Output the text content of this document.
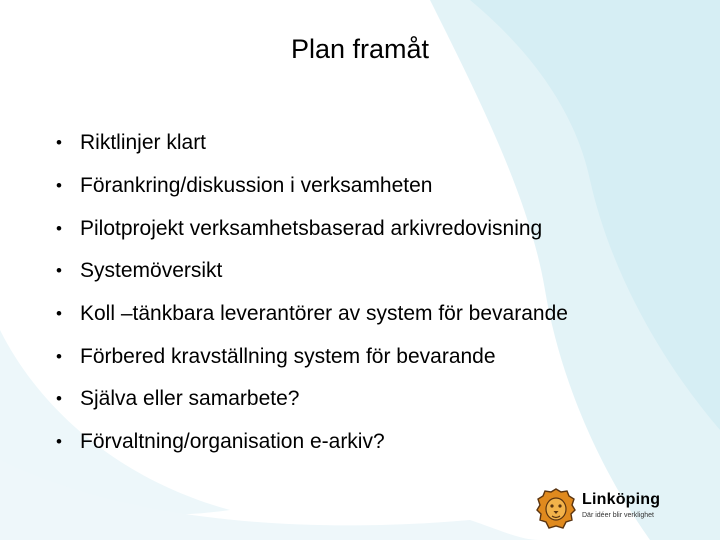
Plan framåt
• Riktlinjer klart
• Förankring/diskussion i verksamheten
• Pilotprojekt verksamhetsbaserad arkivredovisning
• Systemöversikt
• Koll –tänkbara leverantörer av system för bevarande
• Förbered kravställning system för bevarande
• Själva eller samarbete?
• Förvaltning/organisation e-arkiv?
Linköping
Där idéer blir verklighet
